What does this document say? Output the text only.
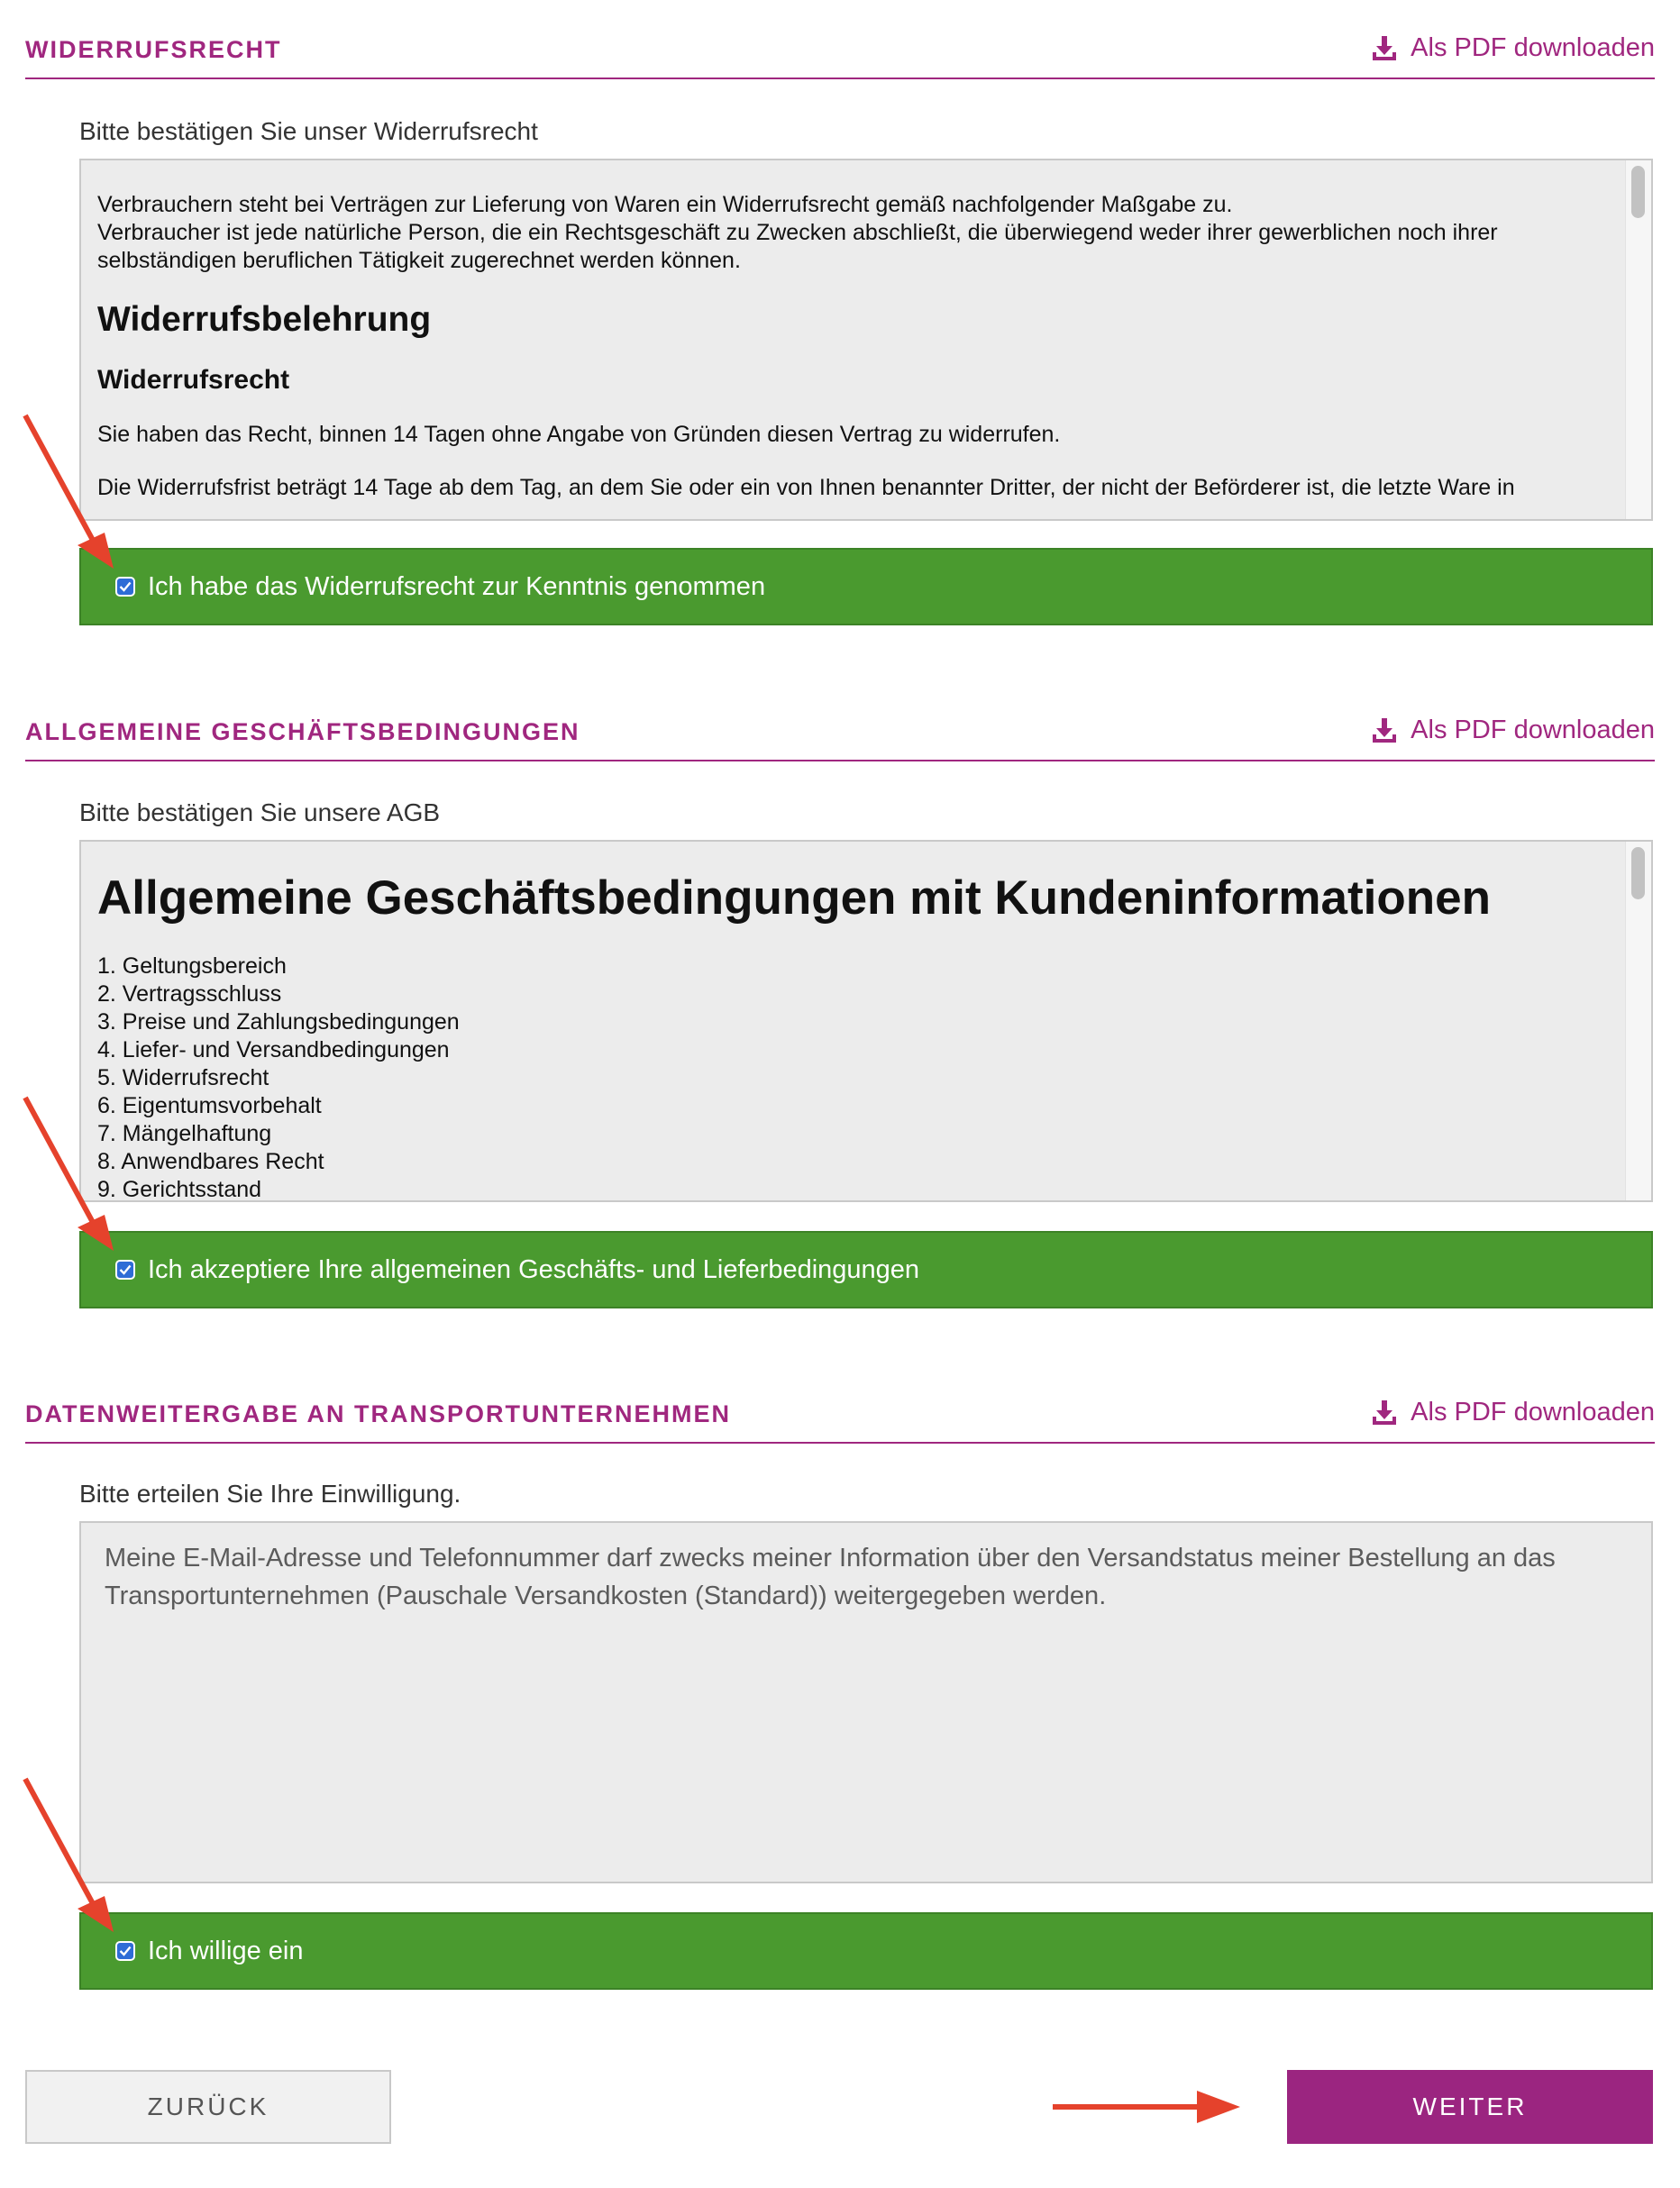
WIDERRUFSRECHT	Als PDF downloaden
Bitte bestätigen Sie unser Widerrufsrecht

Verbrauchern steht bei Verträgen zur Lieferung von Waren ein Widerrufsrecht gemäß nachfolgender Maßgabe zu.

Verbraucher ist jede natürliche Person, die ein Rechtsgeschäft zu Zwecken abschließt, die überwiegend weder ihrer gewerblichen noch ihrer selbständigen beruflichen Tätigkeit zugerechnet werden können.

Widerrufsbelehrung

Widerrufsrecht

Sie haben das Recht, binnen 14 Tagen ohne Angabe von Gründen diesen Vertrag zu widerrufen.

Die Widerrufsfrist beträgt 14 Tage ab dem Tag, an dem Sie oder ein von Ihnen benannter Dritter, der nicht der Beförderer ist, die letzte Ware in

Ich habe das Widerrufsrecht zur Kenntnis genommen
ALLGEMEINE GESCHÄFTSBEDINGUNGEN	Als PDF downloaden
Bitte bestätigen Sie unsere AGB

Allgemeine Geschäftsbedingungen mit Kundeninformationen

1. Geltungsbereich

2. Vertragsschluss

3. Preise und Zahlungsbedingungen

4. Liefer- und Versandbedingungen

5. Widerrufsrecht

6. Eigentumsvorbehalt

7. Mängelhaftung

8. Anwendbares Recht

9. Gerichtsstand

Ich akzeptiere Ihre allgemeinen Geschäfts- und Lieferbedingungen
DATENWEITERGABE AN TRANSPORTUNTERNEHMEN	Als PDF downloaden
Bitte erteilen Sie Ihre Einwilligung.
Meine E-Mail-Adresse und Telefonnummer darf zwecks meiner Information über den Versandstatus meiner Bestellung an das Transportunternehmen (Pauschale Versandkosten (Standard)) weitergegeben werden.
Ich willige ein
ZURÜCK	WEITER
